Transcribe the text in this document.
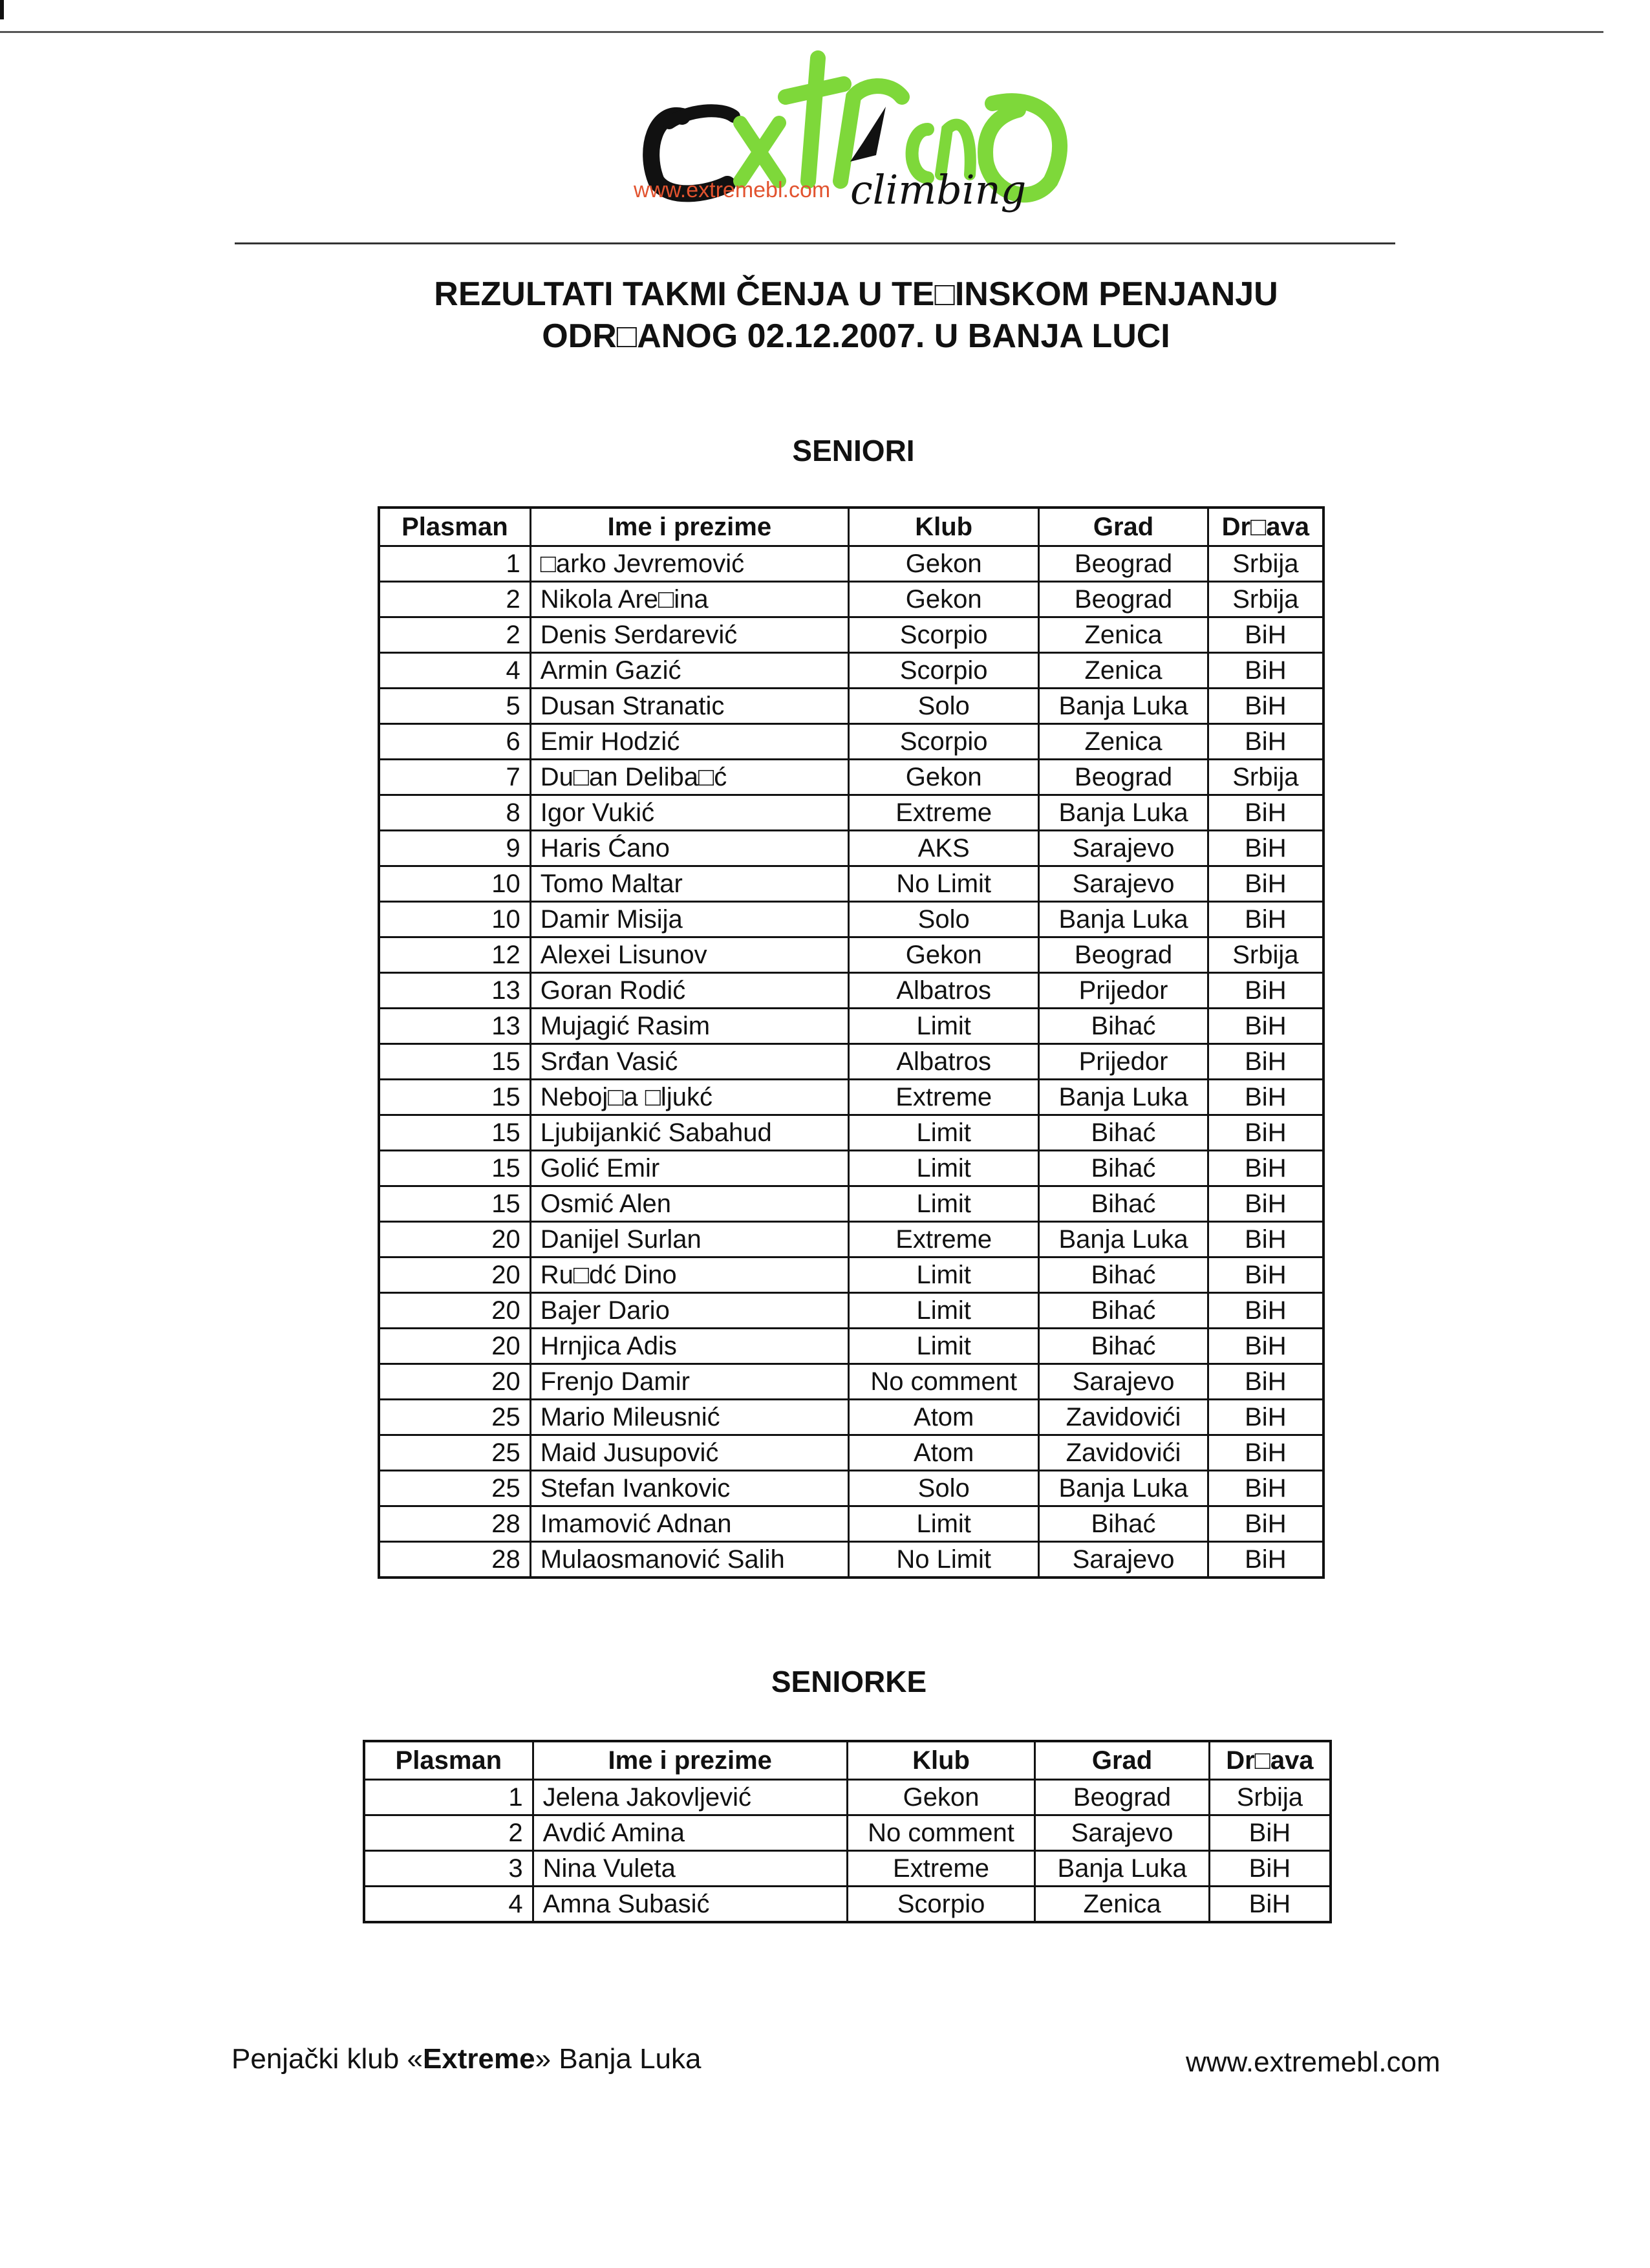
www.extremebl.com climbing
REZULTATI TAKMI ČENJA U TE□INSKOM PENJANJU
ODR□ANOG 02.12.2007. U BANJA LUCI
SENIORI
Plasman	Ime i prezime	Klub	Grad	Dr□ava
1	□arko Jevremović	Gekon	Beograd	Srbija
2	Nikola Are□ina	Gekon	Beograd	Srbija
2	Denis Serdarević	Scorpio	Zenica	BiH
4	Armin Gazić	Scorpio	Zenica	BiH
5	Dusan Stranatic	Solo	Banja Luka	BiH
6	Emir Hodzić	Scorpio	Zenica	BiH
7	Du□an Deliba□ć	Gekon	Beograd	Srbija
8	Igor Vukić	Extreme	Banja Luka	BiH
9	Haris Ćano	AKS	Sarajevo	BiH
10	Tomo Maltar	No Limit	Sarajevo	BiH
10	Damir Misija	Solo	Banja Luka	BiH
12	Alexei Lisunov	Gekon	Beograd	Srbija
13	Goran Rodić	Albatros	Prijedor	BiH
13	Mujagić Rasim	Limit	Bihać	BiH
15	Srđan Vasić	Albatros	Prijedor	BiH
15	Neboj□a □ljukć	Extreme	Banja Luka	BiH
15	Ljubijankić Sabahud	Limit	Bihać	BiH
15	Golić Emir	Limit	Bihać	BiH
15	Osmić Alen	Limit	Bihać	BiH
20	Danijel Surlan	Extreme	Banja Luka	BiH
20	Ru□dć Dino	Limit	Bihać	BiH
20	Bajer Dario	Limit	Bihać	BiH
20	Hrnjica Adis	Limit	Bihać	BiH
20	Frenjo Damir	No comment	Sarajevo	BiH
25	Mario Mileusnić	Atom	Zavidovići	BiH
25	Maid Jusupović	Atom	Zavidovići	BiH
25	Stefan Ivankovic	Solo	Banja Luka	BiH
28	Imamović Adnan	Limit	Bihać	BiH
28	Mulaosmanović Salih	No Limit	Sarajevo	BiH
SENIORKE
Plasman	Ime i prezime	Klub	Grad	Dr□ava
1	Jelena Jakovljević	Gekon	Beograd	Srbija
2	Avdić Amina	No comment	Sarajevo	BiH
3	Nina Vuleta	Extreme	Banja Luka	BiH
4	Amna Subasić	Scorpio	Zenica	BiH
Penjački klub «Extreme» Banja Luka	www.extremebl.com
